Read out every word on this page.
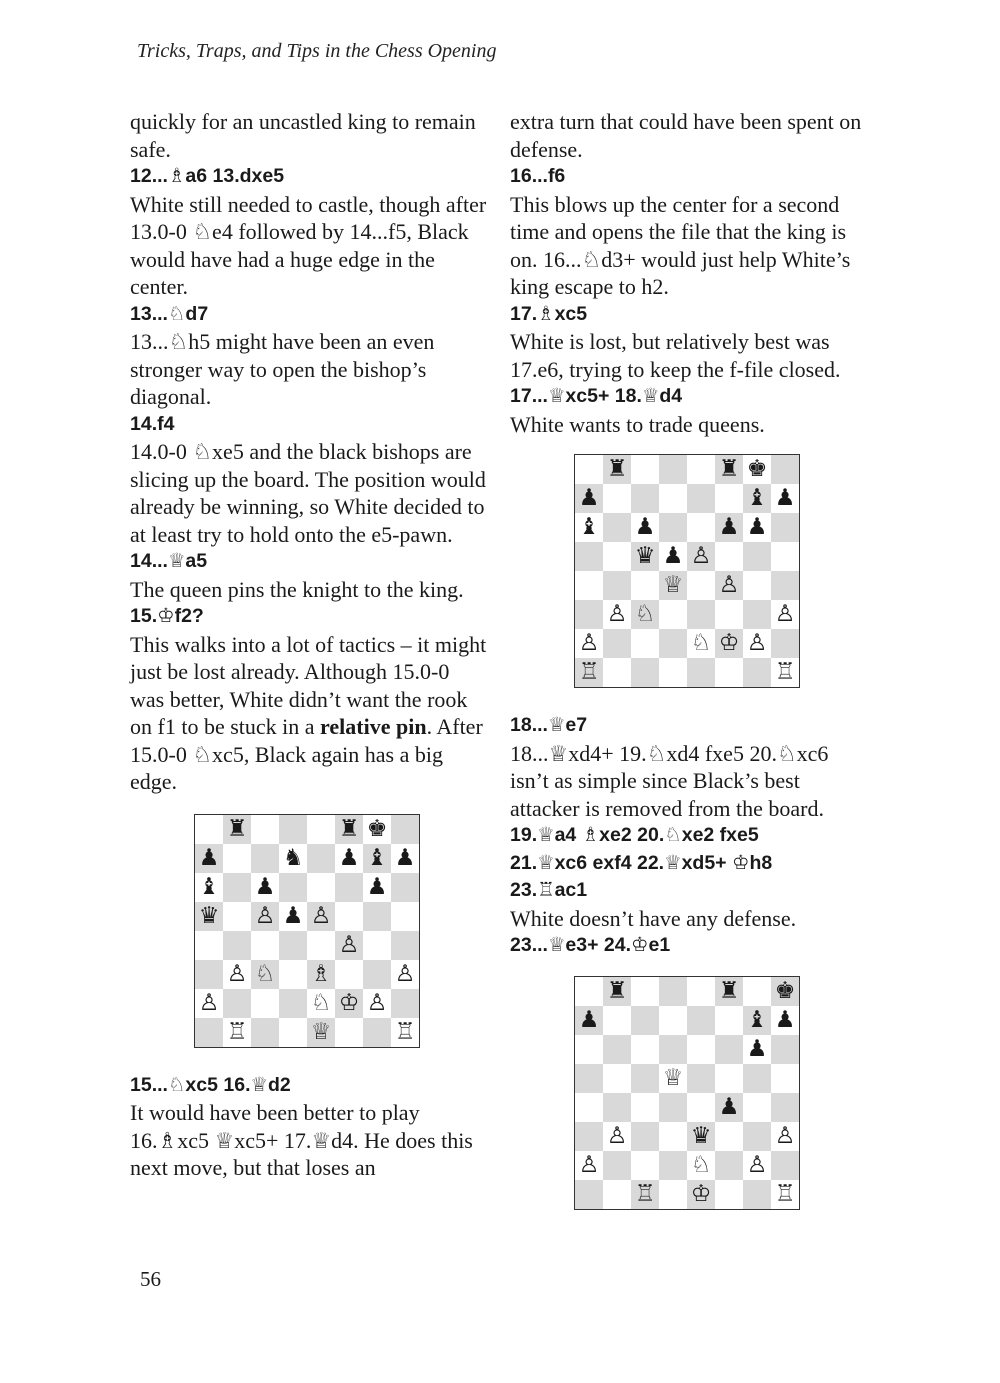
Tricks, Traps, and Tips in the Chess Opening

quickly for an uncastled king to remain safe.

12...♗a6 13.dxe5

White still needed to castle, though after 13.0-0 ♘e4 followed by 14...f5, Black would have had a huge edge in the center.

13...♘d7

13...♘h5 might have been an even stronger way to open the bishop’s diagonal.

14.f4

14.0-0 ♘xe5 and the black bishops are slicing up the board. The position would already be winning, so White decided to at least try to hold onto the e5-pawn.

14...♕a5

The queen pins the knight to the king.

15.♔f2?

This walks into a lot of tactics – it might just be lost already. Although 15.0-0 was better, White didn’t want the rook on f1 to be stuck in a relative pin. After 15.0-0 ♘xc5, Black again has a big edge.

♜	♜ ♚
♟	♞ ♟ ♝ ♟
♝ ♟	♟
♛ ♙ ♟ ♙
♙
♙ ♘ ♗	♙
♙	♘ ♔ ♙
♖	♕	♖

15...♘xc5 16.♕d2

It would have been better to play 16.♗xc5 ♕xc5+ 17.♕d4. He does this next move, but that loses an

extra turn that could have been spent on defense.

16...f6

This blows up the center for a second time and opens the file that the king is on. 16...♘d3+ would just help White’s king escape to h2.

17.♗xc5

White is lost, but relatively best was 17.e6, trying to keep the f-file closed.

17...♕xc5+ 18.♕d4

White wants to trade queens.

♜	♜ ♚
♟	♝ ♟
♝ ♟	♟ ♟
♛ ♟ ♙
♕ ♙
♙ ♘	♙
♙	♘ ♔ ♙
♖	♖

18...♕e7

18...♕xd4+ 19.♘xd4 fxe5 20.♘xc6 isn’t as simple since Black’s best attacker is removed from the board.

19.♕a4 ♗xe2 20.♘xe2 fxe5

21.♕xc6 exf4 22.♕xd5+ ♔h8

23.♖ac1

White doesn’t have any defense.

23...♕e3+ 24.♔e1

♜	♜ ♚
♟	♝ ♟
♟
♕
♟
♙	♛	♙
♙	♘ ♙
♖ ♔	♖
56
